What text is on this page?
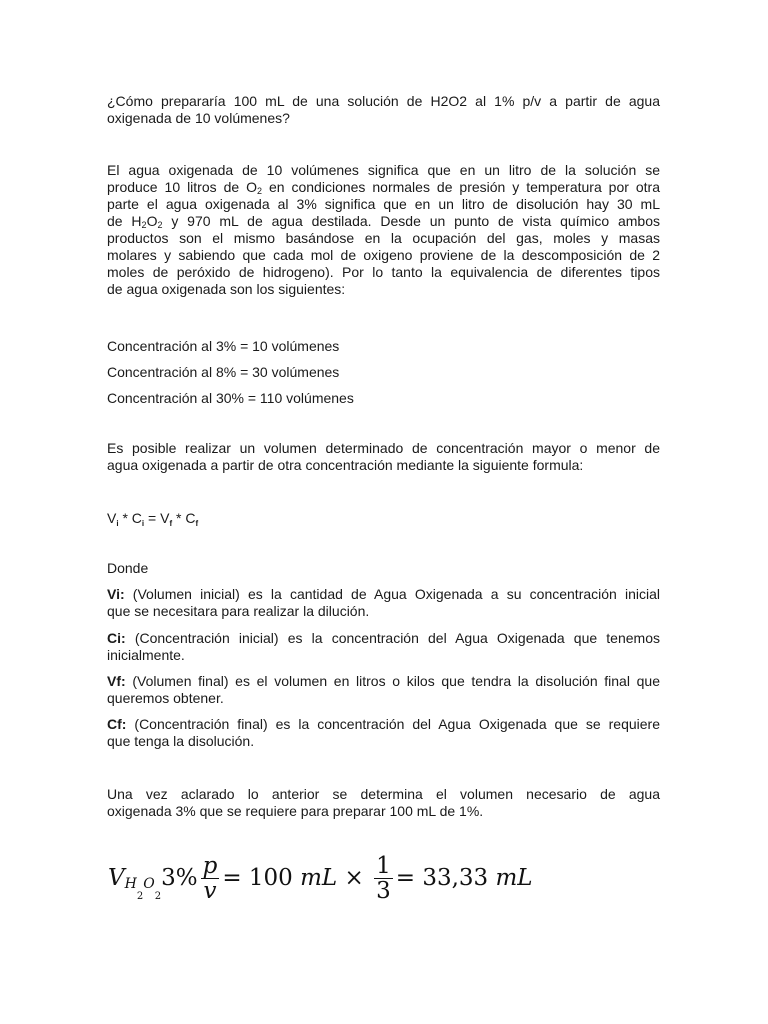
¿Cómo prepararía 100 mL de una solución de H2O2 al 1% p/v a partir de agua
oxigenada de 10 volúmenes?
El agua oxigenada de 10 volúmenes significa que en un litro de la solución se
produce 10 litros de $O_2$ en condiciones normales de presión y temperatura por otra
parte el agua oxigenada al 3% significa que en un litro de disolución hay 30 mL
de $H_2O_2$ y 970 mL de agua destilada. Desde un punto de vista químico ambos
productos son el mismo basándose en la ocupación del gas, moles y masas
molares y sabiendo que cada mol de oxigeno proviene de la descomposición de 2
moles de peróxido de hidrogeno). Por lo tanto la equivalencia de diferentes tipos
de agua oxigenada son los siguientes:

Concentración al 3% = 10 volúmenes

Concentración al 8% = 30 volúmenes

Concentración al 30% = 110 volúmenes

Es posible realizar un volumen determinado de concentración mayor o menor de
agua oxigenada a partir de otra concentración mediante la siguiente formula:

$V_i * C_i = V_f * C_f$

Donde

Vi: (Volumen inicial) es la cantidad de Agua Oxigenada a su concentración inicial
que se necesitara para realizar la dilución.
Ci: (Concentración inicial) es la concentración del Agua Oxigenada que tenemos
inicialmente.
Vf: (Volumen final) es el volumen en litros o kilos que tendra la disolución final que
queremos obtener.
Cf: (Concentración final) es la concentración del Agua Oxigenada que se requiere
que tenga la disolución.
Una vez aclarado lo anterior se determina el volumen necesario de agua
oxigenada 3% que se requiere para preparar 100 mL de 1%.
V $H_2O_2$
$3\% \frac{p}{v} = 100$ mL × $\frac{1}{3} = 33,33$ mL
